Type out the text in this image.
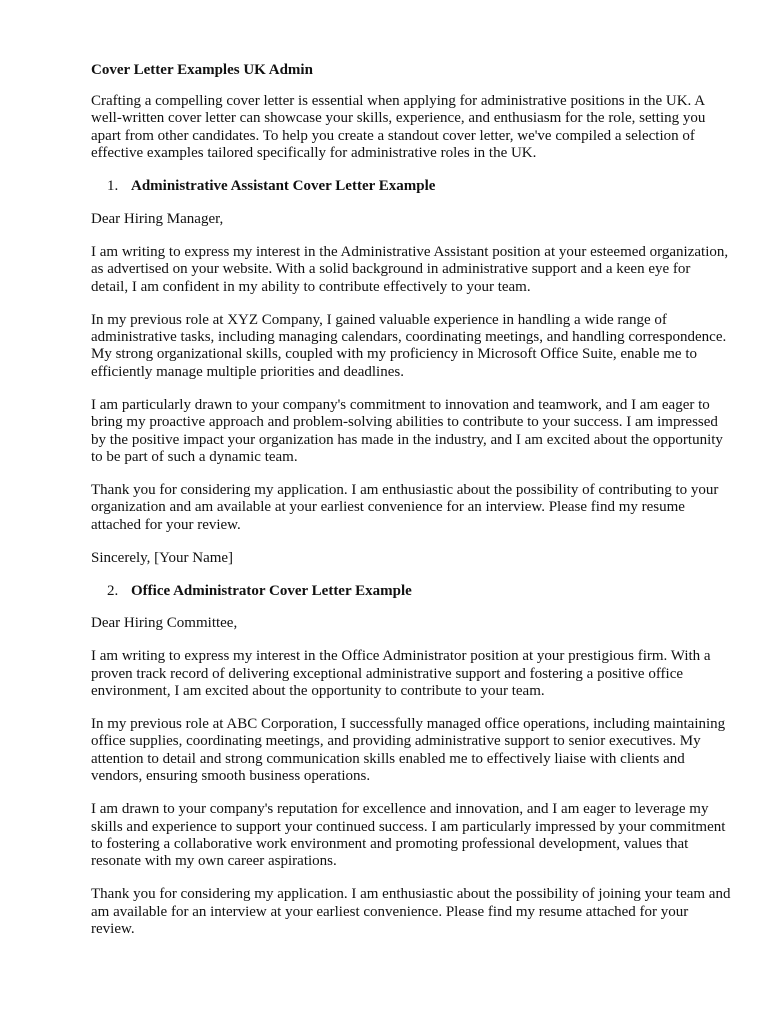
Cover Letter Examples UK Admin

Crafting a compelling cover letter is essential when applying for administrative positions in the UK. A well-written cover letter can showcase your skills, experience, and enthusiasm for the role, setting you apart from other candidates. To help you create a standout cover letter, we've compiled a selection of effective examples tailored specifically for administrative roles in the UK.

1. Administrative Assistant Cover Letter Example

Dear Hiring Manager,

I am writing to express my interest in the Administrative Assistant position at your esteemed organization, as advertised on your website. With a solid background in administrative support and a keen eye for detail, I am confident in my ability to contribute effectively to your team.

In my previous role at XYZ Company, I gained valuable experience in handling a wide range of administrative tasks, including managing calendars, coordinating meetings, and handling correspondence. My strong organizational skills, coupled with my proficiency in Microsoft Office Suite, enable me to efficiently manage multiple priorities and deadlines.

I am particularly drawn to your company's commitment to innovation and teamwork, and I am eager to bring my proactive approach and problem-solving abilities to contribute to your success. I am impressed by the positive impact your organization has made in the industry, and I am excited about the opportunity to be part of such a dynamic team.

Thank you for considering my application. I am enthusiastic about the possibility of contributing to your organization and am available at your earliest convenience for an interview. Please find my resume attached for your review.

Sincerely, [Your Name]

2. Office Administrator Cover Letter Example

Dear Hiring Committee,

I am writing to express my interest in the Office Administrator position at your prestigious firm. With a proven track record of delivering exceptional administrative support and fostering a positive office environment, I am excited about the opportunity to contribute to your team.

In my previous role at ABC Corporation, I successfully managed office operations, including maintaining office supplies, coordinating meetings, and providing administrative support to senior executives. My attention to detail and strong communication skills enabled me to effectively liaise with clients and vendors, ensuring smooth business operations.

I am drawn to your company's reputation for excellence and innovation, and I am eager to leverage my skills and experience to support your continued success. I am particularly impressed by your commitment to fostering a collaborative work environment and promoting professional development, values that resonate with my own career aspirations.

Thank you for considering my application. I am enthusiastic about the possibility of joining your team and am available for an interview at your earliest convenience. Please find my resume attached for your review.
